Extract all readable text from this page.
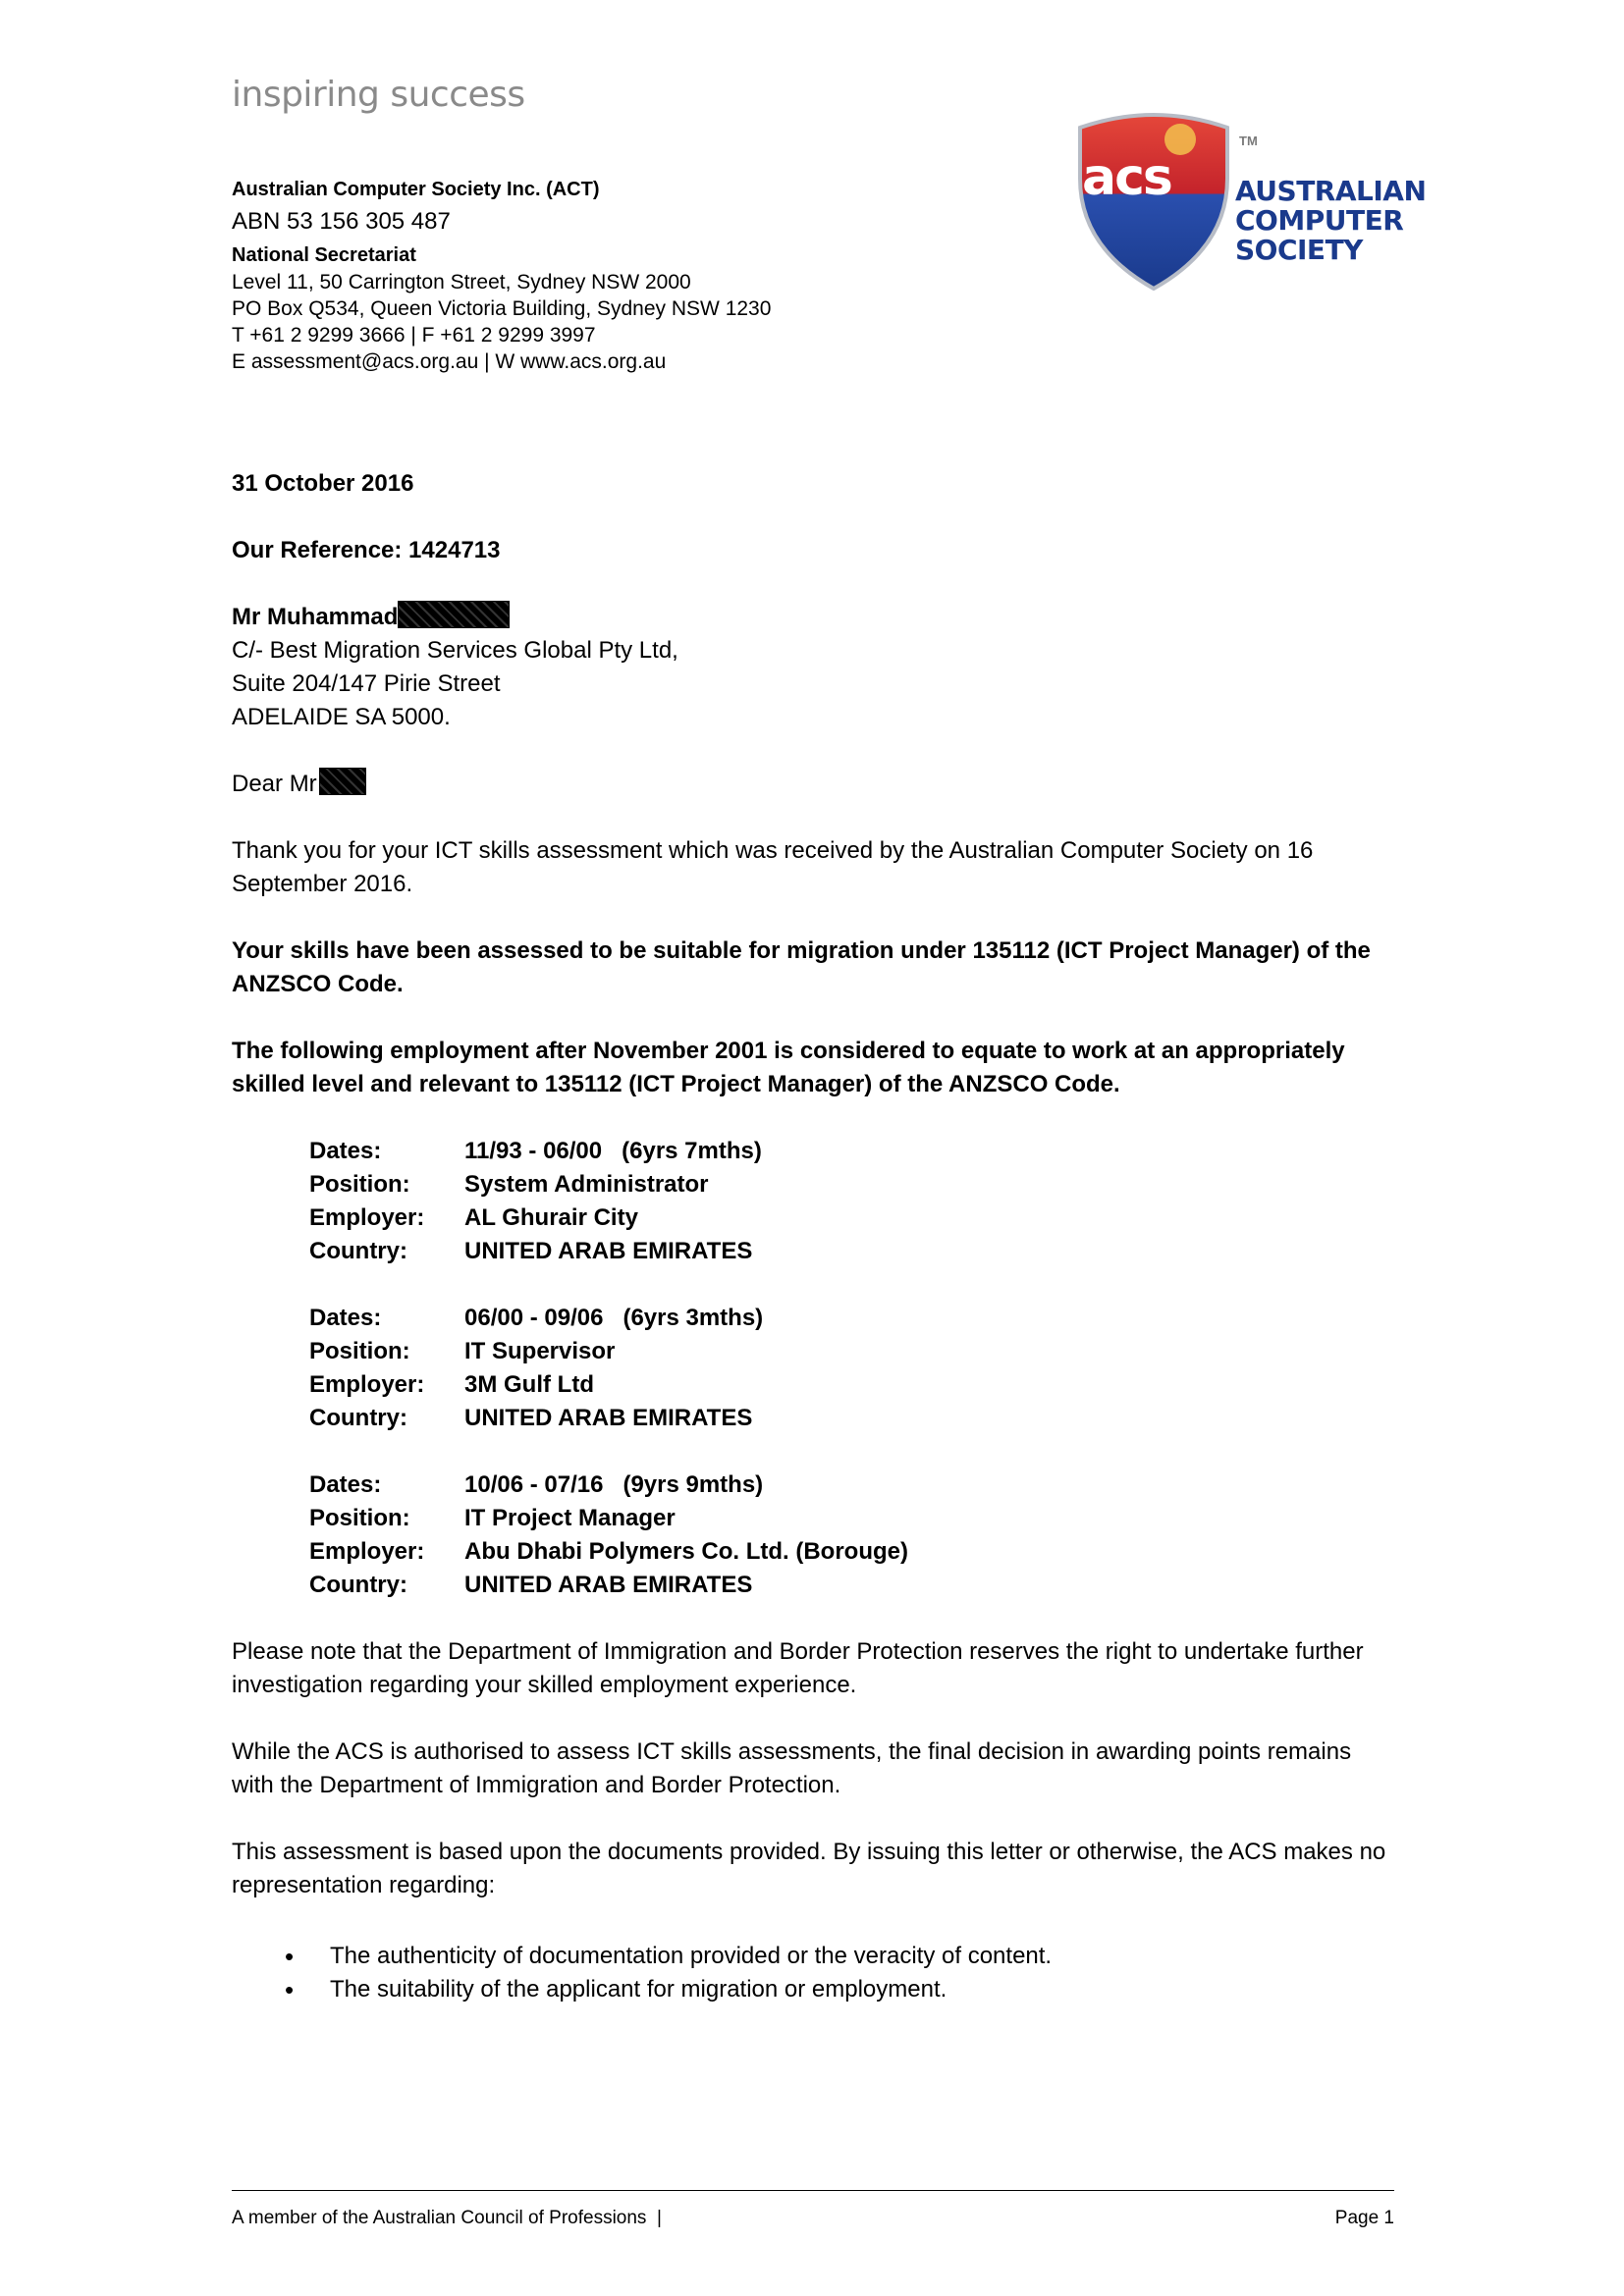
inspiring success
acs
TM
AUSTRALIAN
COMPUTER
SOCIETY
Australian Computer Society Inc. (ACT)
ABN 53 156 305 487
National Secretariat
Level 11, 50 Carrington Street, Sydney NSW 2000
PO Box Q534, Queen Victoria Building, Sydney NSW 1230
T +61 2 9299 3666 | F +61 2 9299 3997
E assessment@acs.org.au | W www.acs.org.au
31 October 2016
Our Reference: 1424713
Mr Muhammad
C/- Best Migration Services Global Pty Ltd,
Suite 204/147 Pirie Street
ADELAIDE SA 5000.
Dear Mr
Thank you for your ICT skills assessment which was received by the Australian Computer Society on 16 September 2016.
Your skills have been assessed to be suitable for migration under 135112 (ICT Project Manager) of the ANZSCO Code.
The following employment after November 2001 is considered to equate to work at an appropriately skilled level and relevant to 135112 (ICT Project Manager) of the ANZSCO Code.
Dates:	11/93 - 06/00   (6yrs 7mths)
Position:	System Administrator
Employer:	AL Ghurair City
Country:	UNITED ARAB EMIRATES
Dates:	06/00 - 09/06   (6yrs 3mths)
Position:	IT Supervisor
Employer:	3M Gulf Ltd
Country:	UNITED ARAB EMIRATES
Dates:	10/06 - 07/16   (9yrs 9mths)
Position:	IT Project Manager
Employer:	Abu Dhabi Polymers Co. Ltd. (Borouge)
Country:	UNITED ARAB EMIRATES
Please note that the Department of Immigration and Border Protection reserves the right to undertake further investigation regarding your skilled employment experience.
While the ACS is authorised to assess ICT skills assessments, the final decision in awarding points remains with the Department of Immigration and Border Protection.
This assessment is based upon the documents provided. By issuing this letter or otherwise, the ACS makes no representation regarding:
• The authenticity of documentation provided or the veracity of content.
• The suitability of the applicant for migration or employment.
A member of the Australian Council of Professions  |	Page 1
